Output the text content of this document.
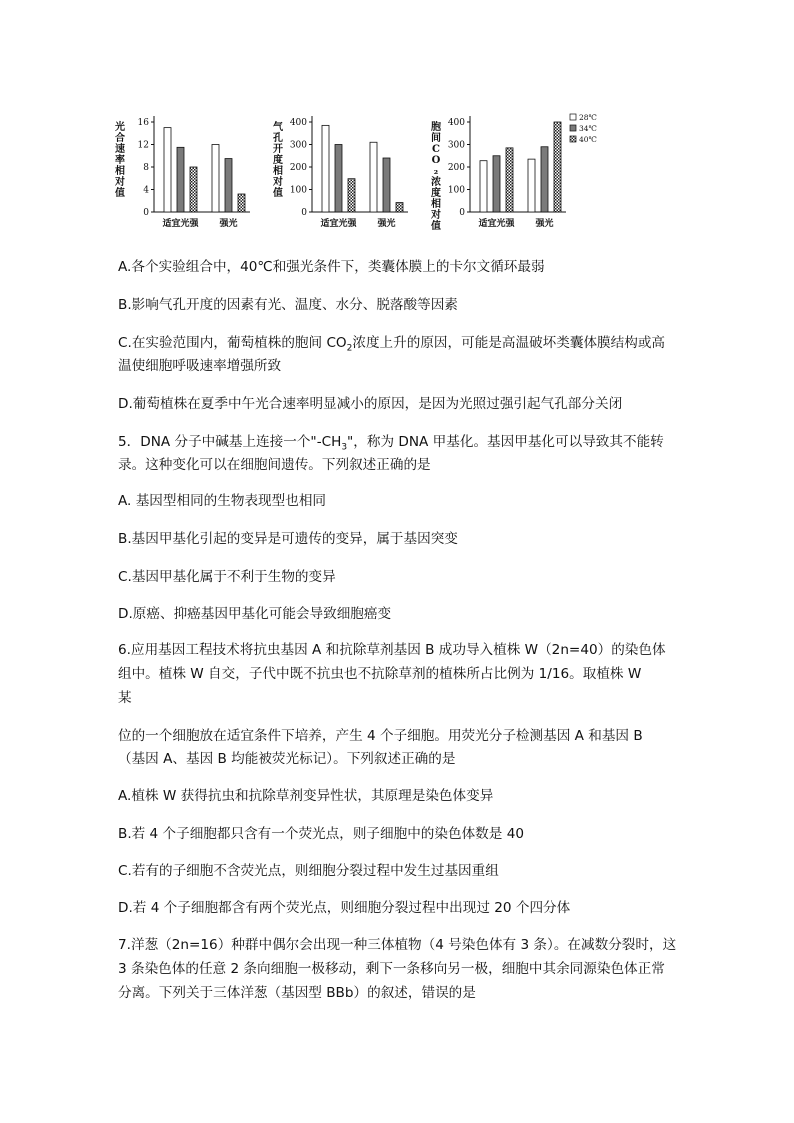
光合速率相对值
0
4
8
12
16
适宜光强 强光
气孔开度相对值
0
100
200
300
400
适宜光强 强光
胞间 C O ₂ 浓度相对值
0
100
200
300
400
适宜光强 强光
28℃
34℃
40℃

A.各个实验组合中，40℃和强光条件下，类囊体膜上的卡尔文循环最弱

B.影响气孔开度的因素有光、温度、水分、脱落酸等因素

C.在实验范围内，葡萄植株的胞间 $CO_2$浓度上升的原因，可能是高温破坏类囊体膜结构或高

温使细胞呼吸速率增强所致

D.葡萄植株在夏季中午光合速率明显减小的原因，是因为光照过强引起气孔部分关闭

5．DNA 分子中碱基上连接一个"$-CH_3$"，称为 DNA 甲基化。基因甲基化可以导致其不能转

录。这种变化可以在细胞间遗传。下列叙述正确的是

A. 基因型相同的生物表现型也相同

B.基因甲基化引起的变异是可遗传的变异，属于基因突变

C.基因甲基化属于不利于生物的变异

D.原癌、抑癌基因甲基化可能会导致细胞癌变

6.应用基因工程技术将抗虫基因 A 和抗除草剂基因 B 成功导入植株 W（2n=40）的染色体

组中。植株 W 自交，子代中既不抗虫也不抗除草剂的植株所占比例为 1/16。取植株 W

某

位的一个细胞放在适宜条件下培养，产生 4 个子细胞。用荧光分子检测基因 A 和基因 B

（基因 A、基因 B 均能被荧光标记）。下列叙述正确的是

A.植株 W 获得抗虫和抗除草剂变异性状，其原理是染色体变异

B.若 4 个子细胞都只含有一个荧光点，则子细胞中的染色体数是 40

C.若有的子细胞不含荧光点，则细胞分裂过程中发生过基因重组

D.若 4 个子细胞都含有两个荧光点，则细胞分裂过程中出现过 20 个四分体

7.洋葱（2n=16）种群中偶尔会出现一种三体植物（4 号染色体有 3 条）。在减数分裂时，这

3 条染色体的任意 2 条向细胞一极移动，剩下一条移向另一极，细胞中其余同源染色体正常

分离。下列关于三体洋葱（基因型 BBb）的叙述，错误的是
